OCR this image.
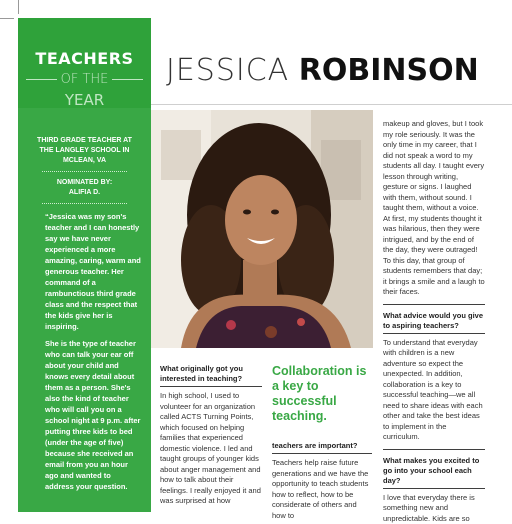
TEACHERS
OF THE
YEAR
THIRD GRADE TEACHER AT THE LANGLEY SCHOOL IN MCLEAN, VA
NOMINATED BY:
ALIFIA D.

“Jessica was my son's teacher and I can honestly say we have never experienced a more amazing, caring, warm and generous teacher. Her command of a rambunctious third grade class and the respect that the kids give her is inspiring.

She is the type of teacher who can talk your ear off about your child and knows every detail about them as a person. She's also the kind of teacher who will call you on a school night at 9 p.m. after putting three kids to bed (under the age of five) because she received an email from you an hour ago and wanted to address your question.

JESSICA ROBINSON

What originally got you interested in teaching?

In high school, I used to volunteer for an organization called ACTS Turning Points, which focused on helping families that experienced domestic violence. I led and taught groups of younger kids about anger management and how to talk about their feelings. I really enjoyed it and was surprised at how

Collaboration is a key to successful teaching.

teachers are important?

Teachers help raise future generations and we have the opportunity to teach students how to reflect, how to be considerate of others and how to

makeup and gloves, but I took my role seriously. It was the only time in my career, that I did not speak a word to my students all day. I taught every lesson through writing, gesture or signs. I laughed with them, without sound. I taught them, without a voice. At first, my students thought it was hilarious, then they were intrigued, and by the end of the day, they were outraged! To this day, that group of students remembers that day; it brings a smile and a laugh to their faces.

What advice would you give to aspiring teachers?

To understand that everyday with children is a new adventure so expect the unexpected. In addition, collaboration is a key to successful teaching—we all need to share ideas with each other and take the best ideas to implement in the curriculum.

What makes you excited to go into your school each day?

I love that everyday there is something new and unpredictable. Kids are so
